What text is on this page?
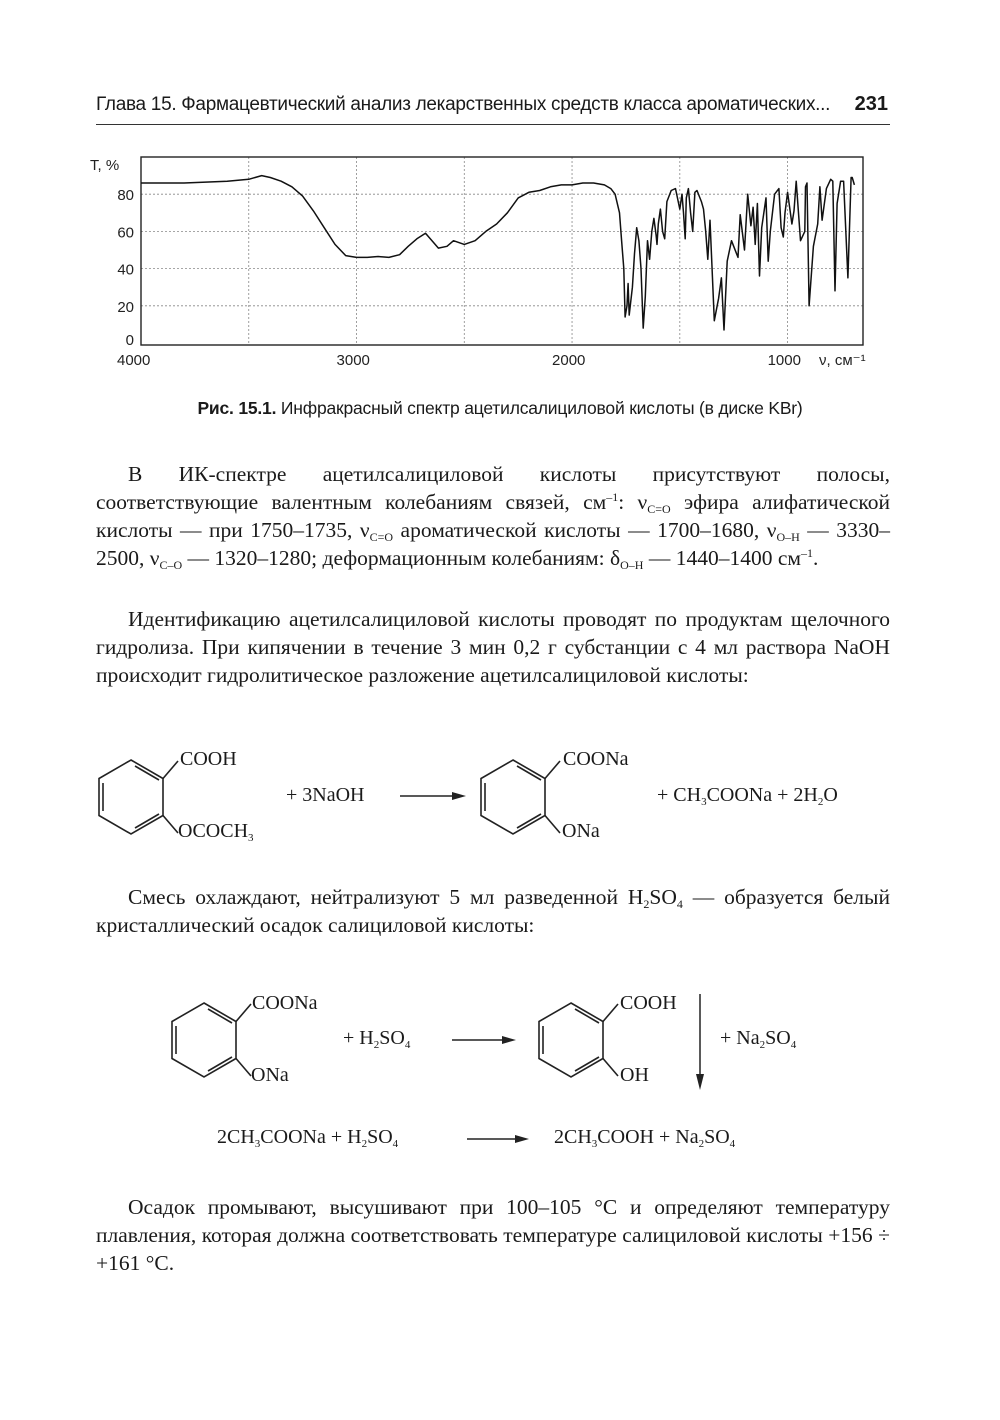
Глава 15. Фармацевтический анализ лекарственных средств класса ароматических... 231
0
20
40
60
80
4000	3000	2000	1000
T, %
ν, см⁻¹
Рис. 15.1. Инфракрасный спектр ацетилсалициловой кислоты (в диске KBr)
В ИК-спектре ацетилсалициловой кислоты присутствуют полосы, соответствующие валентным колебаниям связей, $см^{-1}$: $\nu_{C=O}$ эфира алифатической кислоты — при 1750–1735, $\nu_{C=O}$ ароматической кислоты — 1700–1680, $\nu_{O-H}$ — 3330–2500, $\nu_{C-O}$ — 1320–1280; деформационным колебаниям: $\delta_{O-H}$ — 1440–1400 $см^{-1}$.
Идентификацию ацетилсалициловой кислоты проводят по продуктам щелочного гидролиза. При кипячении в течение 3 мин 0,2 г субстанции с 4 мл раствора NaOH происходит гидролитическое разложение ацетилсалициловой кислоты:
COOH
$OCOCH_3$
+ 3NaOH
COONa
ONa
+ $CH_3COONa + 2H_2O$
Смесь охлаждают, нейтрализуют 5 мл разведенной $H_2SO_4$ — образуется белый кристаллический осадок салициловой кислоты:
COONa
ONa
+ $H_2SO_4$
COOH
OH
+ $Na_2SO_4$
$2CH_3COONa + H_2SO_4$	$2CH_3COOH + Na_2SO_4$
Осадок промывают, высушивают при 100–105 °С и определяют температуру плавления, которая должна соответствовать температуре салициловой кислоты +156 ÷ +161 °С.
